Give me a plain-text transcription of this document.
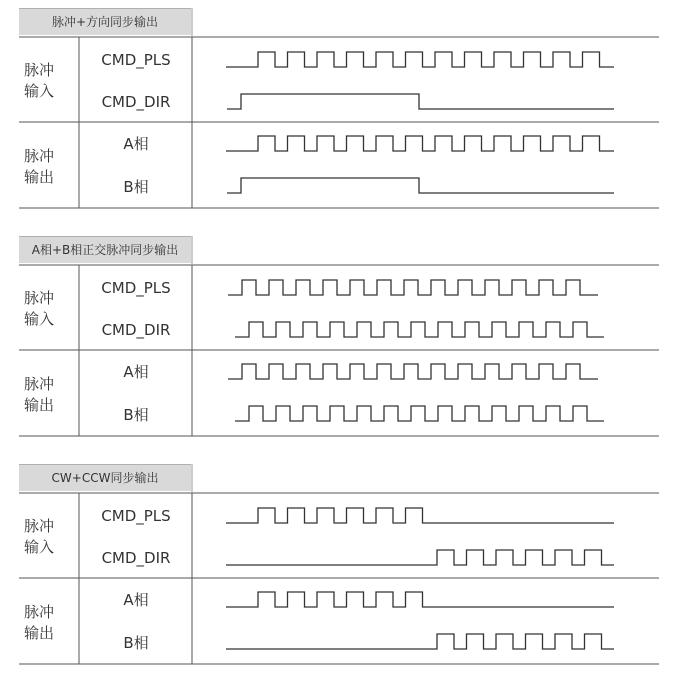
脉冲+方向同步输出
脉冲
输入
CMD_PLS
CMD_DIR
脉冲
输出
A相
B相
A相+B相正交脉冲同步输出
脉冲
输入
CMD_PLS
CMD_DIR
脉冲
输出
A相
B相
CW+CCW同步输出
脉冲
输入
CMD_PLS
CMD_DIR
脉冲
输出
A相
B相
